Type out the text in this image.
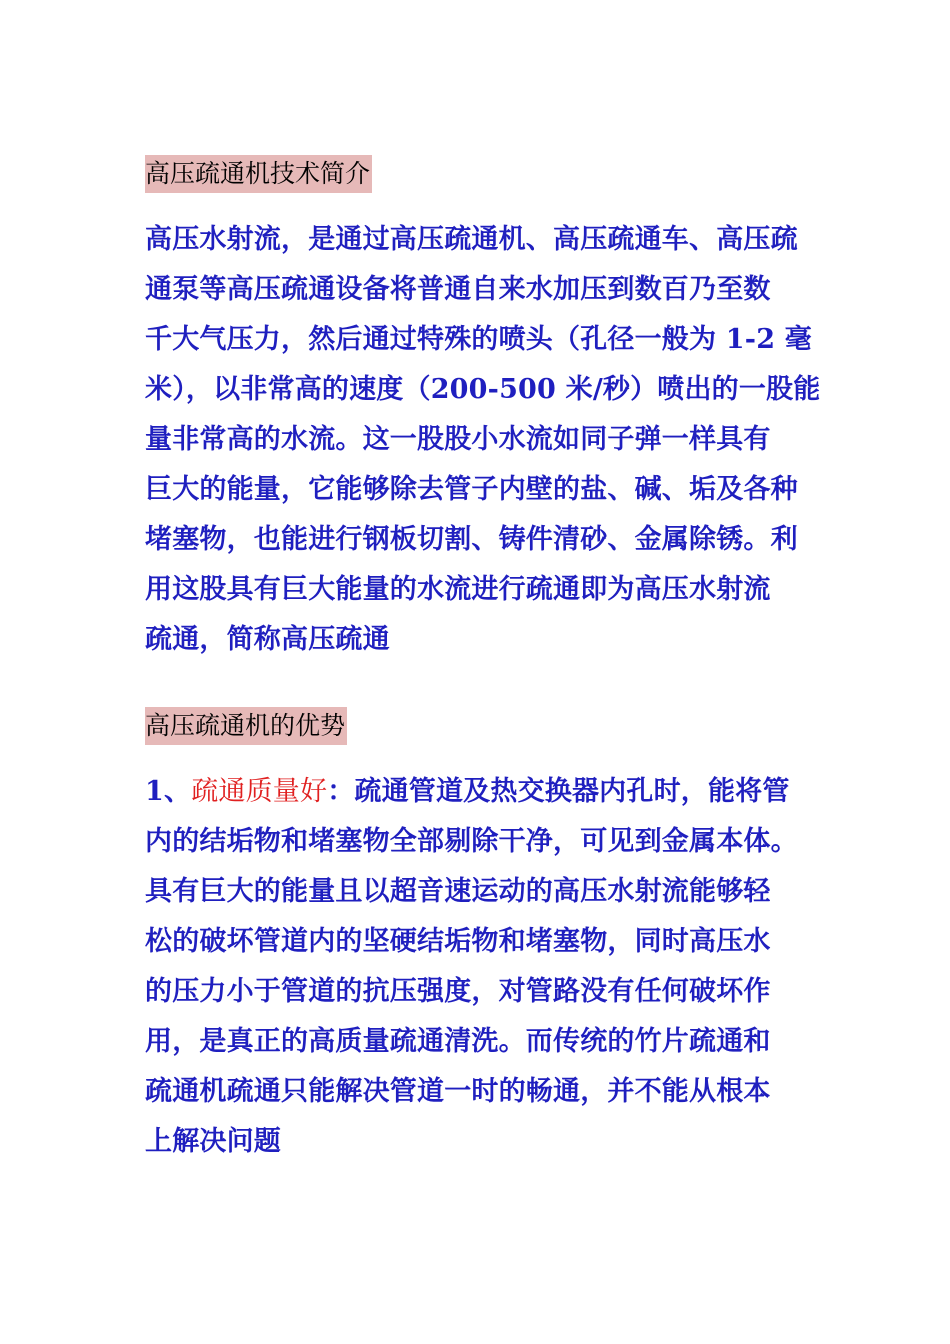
高压疏通机技术简介
高压水射流，是通过高压疏通机、高压疏通车、高压疏
通泵等高压疏通设备将普通自来水加压到数百乃至数
千大气压力，然后通过特殊的喷头（孔径一般为 1-2 毫
米），以非常高的速度（200-500 米/秒）喷出的一股能
量非常高的水流。这一股股小水流如同子弹一样具有
巨大的能量，它能够除去管子内壁的盐、碱、垢及各种
堵塞物，也能进行钢板切割、铸件清砂、金属除锈。利
用这股具有巨大能量的水流进行疏通即为高压水射流
疏通，简称高压疏通
高压疏通机的优势
1、疏通质量好：疏通管道及热交换器内孔时，能将管
内的结垢物和堵塞物全部剔除干净，可见到金属本体。
具有巨大的能量且以超音速运动的高压水射流能够轻
松的破坏管道内的坚硬结垢物和堵塞物，同时高压水
的压力小于管道的抗压强度，对管路没有任何破坏作
用，是真正的高质量疏通清洗。而传统的竹片疏通和
疏通机疏通只能解决管道一时的畅通，并不能从根本
上解决问题
